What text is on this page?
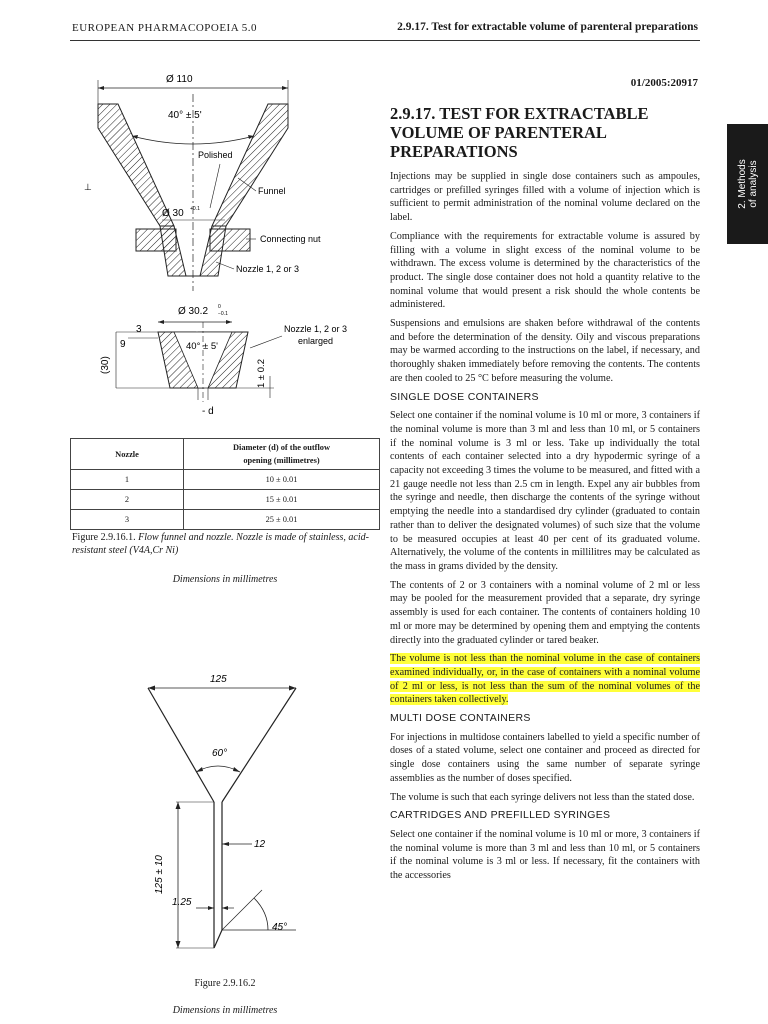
EUROPEAN PHARMACOPOEIA 5.0	2.9.17. Test for extractable volume of parenteral preparations
01/2005:20917
2. Methods of analysis
2.9.17. TEST FOR EXTRACTABLE VOLUME OF PARENTERAL PREPARATIONS

Injections may be supplied in single dose containers such as ampoules, cartridges or prefilled syringes filled with a volume of injection which is sufficient to permit administration of the nominal volume declared on the label.

Compliance with the requirements for extractable volume is assured by filling with a volume in slight excess of the nominal volume to be withdrawn. The excess volume is determined by the characteristics of the product. The single dose container does not hold a quantity relative to the nominal volume that would present a risk should the whole contents be administered.

Suspensions and emulsions are shaken before withdrawal of the contents and before the determination of the density. Oily and viscous preparations may be warmed according to the instructions on the label, if necessary, and thoroughly shaken immediately before removing the contents. The contents are then cooled to 25 °C before measuring the volume.

SINGLE DOSE CONTAINERS

Select one container if the nominal volume is 10 ml or more, 3 containers if the nominal volume is more than 3 ml and less than 10 ml, or 5 containers if the nominal volume is 3 ml or less. Take up individually the total contents of each container selected into a dry hypodermic syringe of a capacity not exceeding 3 times the volume to be measured, and fitted with a 21 gauge needle not less than 2.5 cm in length. Expel any air bubbles from the syringe and needle, then discharge the contents of the syringe without emptying the needle into a standardised dry cylinder (graduated to contain rather than to deliver the designated volumes) of such size that the volume to be measured occupies at least 40 per cent of its graduated volume. Alternatively, the volume of the contents in millilitres may be calculated as the mass in grams divided by the density.

The contents of 2 or 3 containers with a nominal volume of 2 ml or less may be pooled for the measurement provided that a separate, dry syringe assembly is used for each container. The contents of containers holding 10 ml or more may be determined by opening them and emptying the contents directly into the graduated cylinder or tared beaker.

The volume is not less than the nominal volume in the case of containers examined individually, or, in the case of containers with a nominal volume of 2 ml or less, is not less than the sum of the nominal volumes of the containers taken collectively.

MULTI DOSE CONTAINERS

For injections in multidose containers labelled to yield a specific number of doses of a stated volume, select one container and proceed as directed for single dose containers using the same number of separate syringe assemblies as the number of doses specified.

The volume is such that each syringe delivers not less than the stated dose.

CARTRIDGES AND PREFILLED SYRINGES

Select one container if the nominal volume is 10 ml or more, 3 containers if the nominal volume is more than 3 ml and less than 10 ml, or 5 containers if the nominal volume is 3 ml or less. If necessary, fit the containers with the accessories

Ø 110
40° ± 5'
Polished
Funnel
Ø 30 +0.1
Connecting nut
Nozzle 1, 2 or 3
⊥
Ø 30.2 0
−0.1
Nozzle 1, 2 or 3
enlarged
40° ± 5'
3
9
(30)	1 ± 0.2
- d
Nozzle	Diameter (d) of the outflow
opening (millimetres)
1	10 ± 0.01
2	15 ± 0.01
3	25 ± 0.01
Figure 2.9.16.1. Flow funnel and nozzle. Nozzle is made of stainless, acid-resistant steel (V4A,Cr Ni)
Dimensions in millimetres
125
60°
12
125 ± 10
1.25
45°
Figure 2.9.16.2
Dimensions in millimetres
